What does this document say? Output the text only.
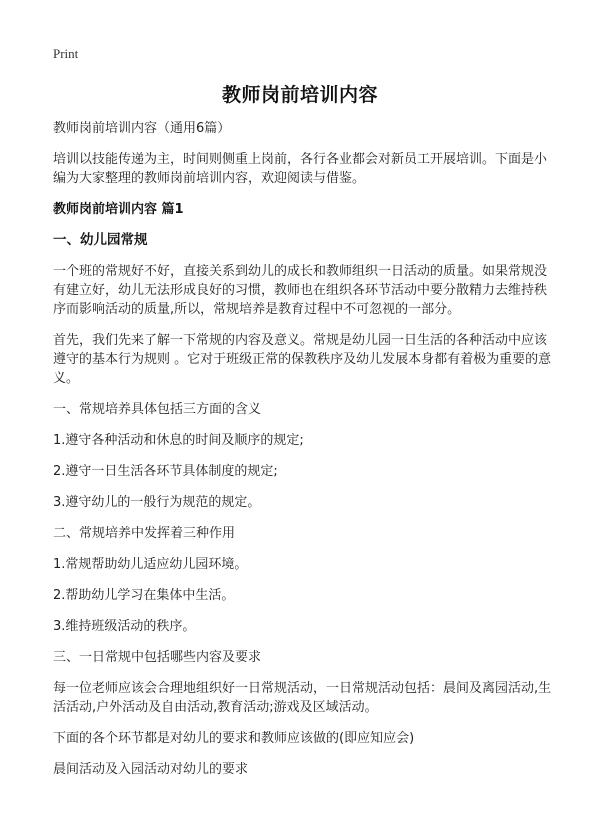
Print
教师岗前培训内容

教师岗前培训内容（通用6篇）

培训以技能传递为主，时间则侧重上岗前，各行各业都会对新员工开展培训。下面是小编为大家整理的教师岗前培训内容，欢迎阅读与借鉴。

教师岗前培训内容 篇1

一、幼儿园常规

一个班的常规好不好，直接关系到幼儿的成长和教师组织一日活动的质量。如果常规没有建立好，幼儿无法形成良好的习惯，教师也在组织各环节活动中要分散精力去维持秩序而影响活动的质量,所以，常规培养是教育过程中不可忽视的一部分。

首先，我们先来了解一下常规的内容及意义。常规是幼儿园一日生活的各种活动中应该遵守的基本行为规则 。它对于班级正常的保教秩序及幼儿发展本身都有着极为重要的意义。

一、常规培养具体包括三方面的含义

1.遵守各种活动和休息的时间及顺序的规定;

2.遵守一日生活各环节具体制度的规定;

3.遵守幼儿的一般行为规范的规定。

二、常规培养中发挥着三种作用

1.常规帮助幼儿适应幼儿园环境。

2.帮助幼儿学习在集体中生活。

3.维持班级活动的秩序。

三、一日常规中包括哪些内容及要求

每一位老师应该会合理地组织好一日常规活动，一日常规活动包括：晨间及离园活动,生活活动,户外活动及自由活动,教育活动;游戏及区域活动。

下面的各个环节都是对幼儿的要求和教师应该做的(即应知应会)

晨间活动及入园活动对幼儿的要求
